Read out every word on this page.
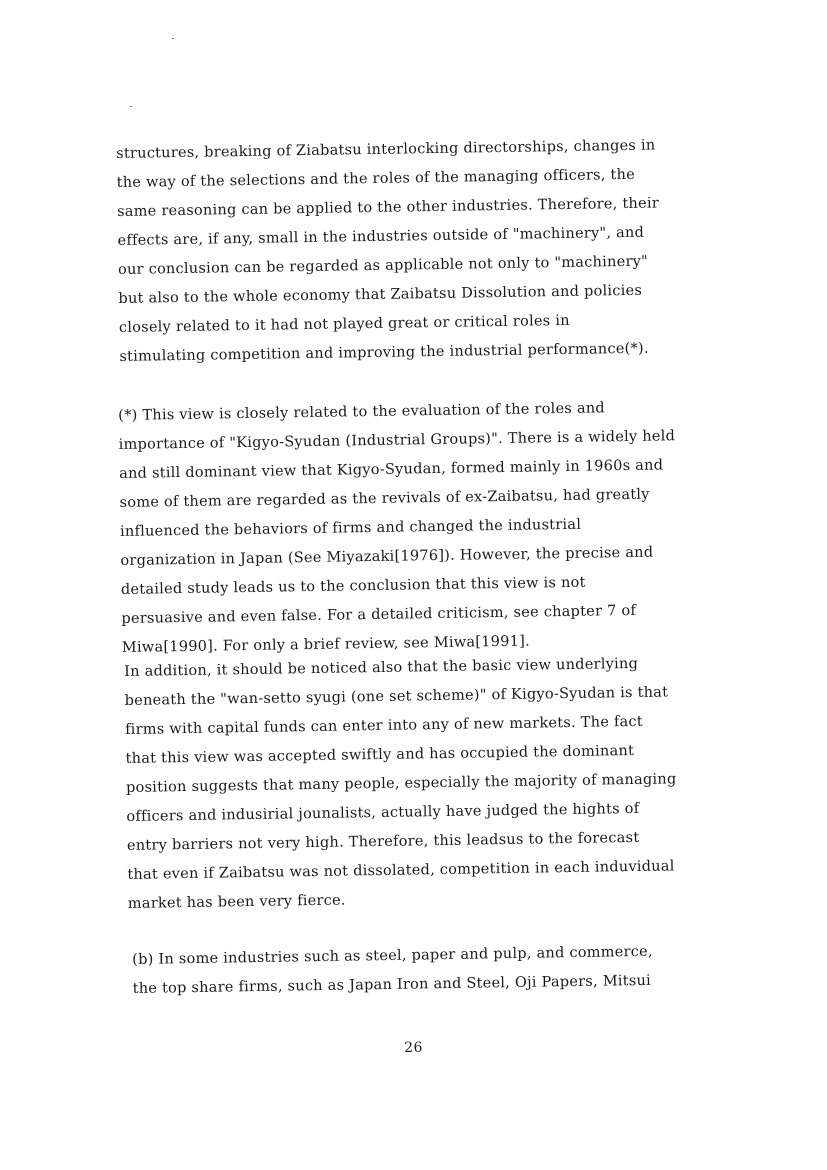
structures, breaking of Ziabatsu interlocking directorships, changes in
the way of the selections and the roles of the managing officers, the
same reasoning can be applied to the other industries. Therefore, their
effects are, if any, small in the industries outside of "machinery", and
our conclusion can be regarded as applicable not only to "machinery"
but also to the whole economy that Zaibatsu Dissolution and policies
closely related to it had not played great or critical roles in
stimulating competition and improving the industrial performance(*).
(*) This view is closely related to the evaluation of the roles and
importance of "Kigyo-Syudan (Industrial Groups)". There is a widely held
and still dominant view that Kigyo-Syudan, formed mainly in 1960s and
some of them are regarded as the revivals of ex-Zaibatsu, had greatly
influenced the behaviors of firms and changed the industrial
organization in Japan (See Miyazaki[1976]). However, the precise and
detailed study leads us to the conclusion that this view is not
persuasive and even false. For a detailed criticism, see chapter 7 of
Miwa[1990]. For only a brief review, see Miwa[1991].
In addition, it should be noticed also that the basic view underlying
beneath the "wan-setto syugi (one set scheme)" of Kigyo-Syudan is that
firms with capital funds can enter into any of new markets. The fact
that this view was accepted swiftly and has occupied the dominant
position suggests that many people, especially the majority of managing
officers and indusirial jounalists, actually have judged the hights of
entry barriers not very high. Therefore, this leadsus to the forecast
that even if Zaibatsu was not dissolated, competition in each induvidual
market has been very fierce.
(b) In some industries such as steel, paper and pulp, and commerce,
the top share firms, such as Japan Iron and Steel, Oji Papers, Mitsui
26
